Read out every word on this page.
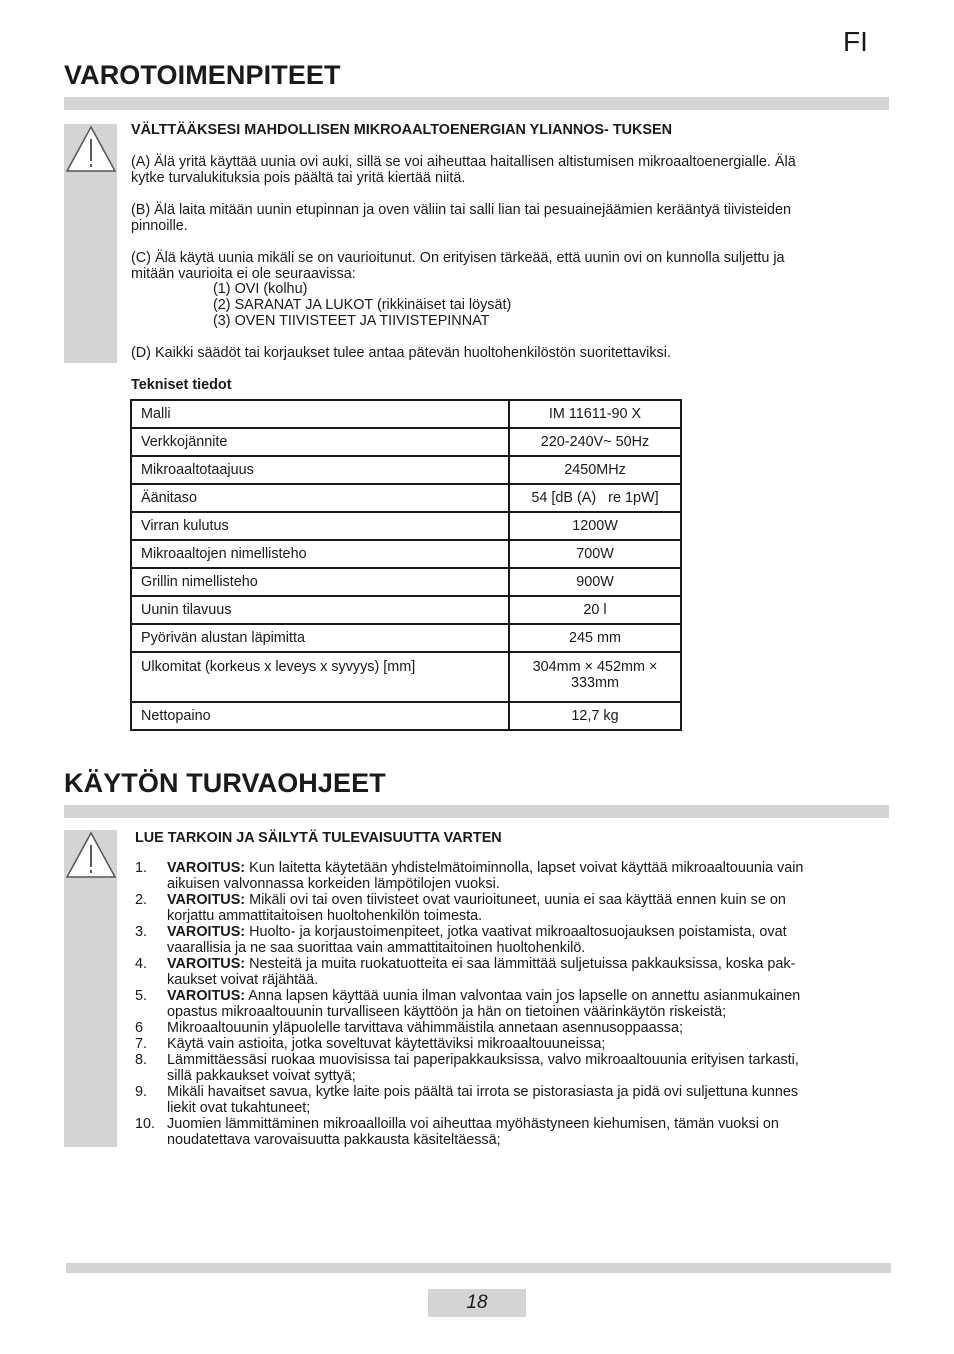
FI
VAROTOIMENPITEET
VÄLTTÄÄKSESI MAHDOLLISEN MIKROAALTOENERGIAN YLIANNOS- TUKSEN
(A) Älä yritä käyttää uunia ovi auki, sillä se voi aiheuttaa haitallisen altistumisen mikroaaltoenergialle. Älä
kytke turvalukituksia pois päältä tai yritä kiertää niitä.
(B) Älä laita mitään uunin etupinnan ja oven väliin tai salli lian tai pesuainejäämien kerääntyä tiivisteiden
pinnoille.
(C) Älä käytä uunia mikäli se on vaurioitunut. On erityisen tärkeää, että uunin ovi on kunnolla suljettu ja
mitään vaurioita ei ole seuraavissa:
(1) OVI (kolhu)
(2) SARANAT JA LUKOT (rikkinäiset tai löysät)
(3) OVEN TIIVISTEET JA TIIVISTEPINNAT
(D) Kaikki säädöt tai korjaukset tulee antaa pätevän huoltohenkilöstön suoritettaviksi.
Tekniset tiedot
Malli	IM 11611-90 X
Verkkojännite	220-240V~ 50Hz
Mikroaaltotaajuus	2450MHz
Äänitaso	54 [dB (A)   re 1pW]
Virran kulutus	1200W
Mikroaaltojen nimellisteho	700W
Grillin nimellisteho	900W
Uunin tilavuus	20 l
Pyörivän alustan läpimitta	245 mm
Ulkomitat (korkeus x leveys x syvyys) [mm]	304mm × 452mm ×
333mm

Nettopaino	12,7 kg
KÄYTÖN TURVAOHJEET
LUE TARKOIN JA SÄILYTÄ TULEVAISUUTTA VARTEN
1. VAROITUS: Kun laitetta käytetään yhdistelmätoiminnolla, lapset voivat käyttää mikroaaltouunia vain
aikuisen valvonnassa korkeiden lämpötilojen vuoksi.
2. VAROITUS: Mikäli ovi tai oven tiivisteet ovat vaurioituneet, uunia ei saa käyttää ennen kuin se on
korjattu ammattitaitoisen huoltohenkilön toimesta.
3. VAROITUS: Huolto- ja korjaustoimenpiteet, jotka vaativat mikroaaltosuojauksen poistamista, ovat
vaarallisia ja ne saa suorittaa vain ammattitaitoinen huoltohenkilö.
4. VAROITUS: Nesteitä ja muita ruokatuotteita ei saa lämmittää suljetuissa pakkauksissa, koska pak-
kaukset voivat räjähtää.
5. VAROITUS: Anna lapsen käyttää uunia ilman valvontaa vain jos lapselle on annettu asianmukainen
opastus mikroaaltouunin turvalliseen käyttöön ja hän on tietoinen väärinkäytön riskeistä;
6 Mikroaaltouunin yläpuolelle tarvittava vähimmäistila annetaan asennusoppaassa;
7. Käytä vain astioita, jotka soveltuvat käytettäviksi mikroaaltouuneissa;
8. Lämmittäessäsi ruokaa muovisissa tai paperipakkauksissa, valvo mikroaaltouunia erityisen tarkasti,
sillä pakkaukset voivat syttyä;
9. Mikäli havaitset savua, kytke laite pois päältä tai irrota se pistorasiasta ja pidä ovi suljettuna kunnes
liekit ovat tukahtuneet;
10. Juomien lämmittäminen mikroaalloilla voi aiheuttaa myöhästyneen kiehumisen, tämän vuoksi on
noudatettava varovaisuutta pakkausta käsiteltäessä;
18
